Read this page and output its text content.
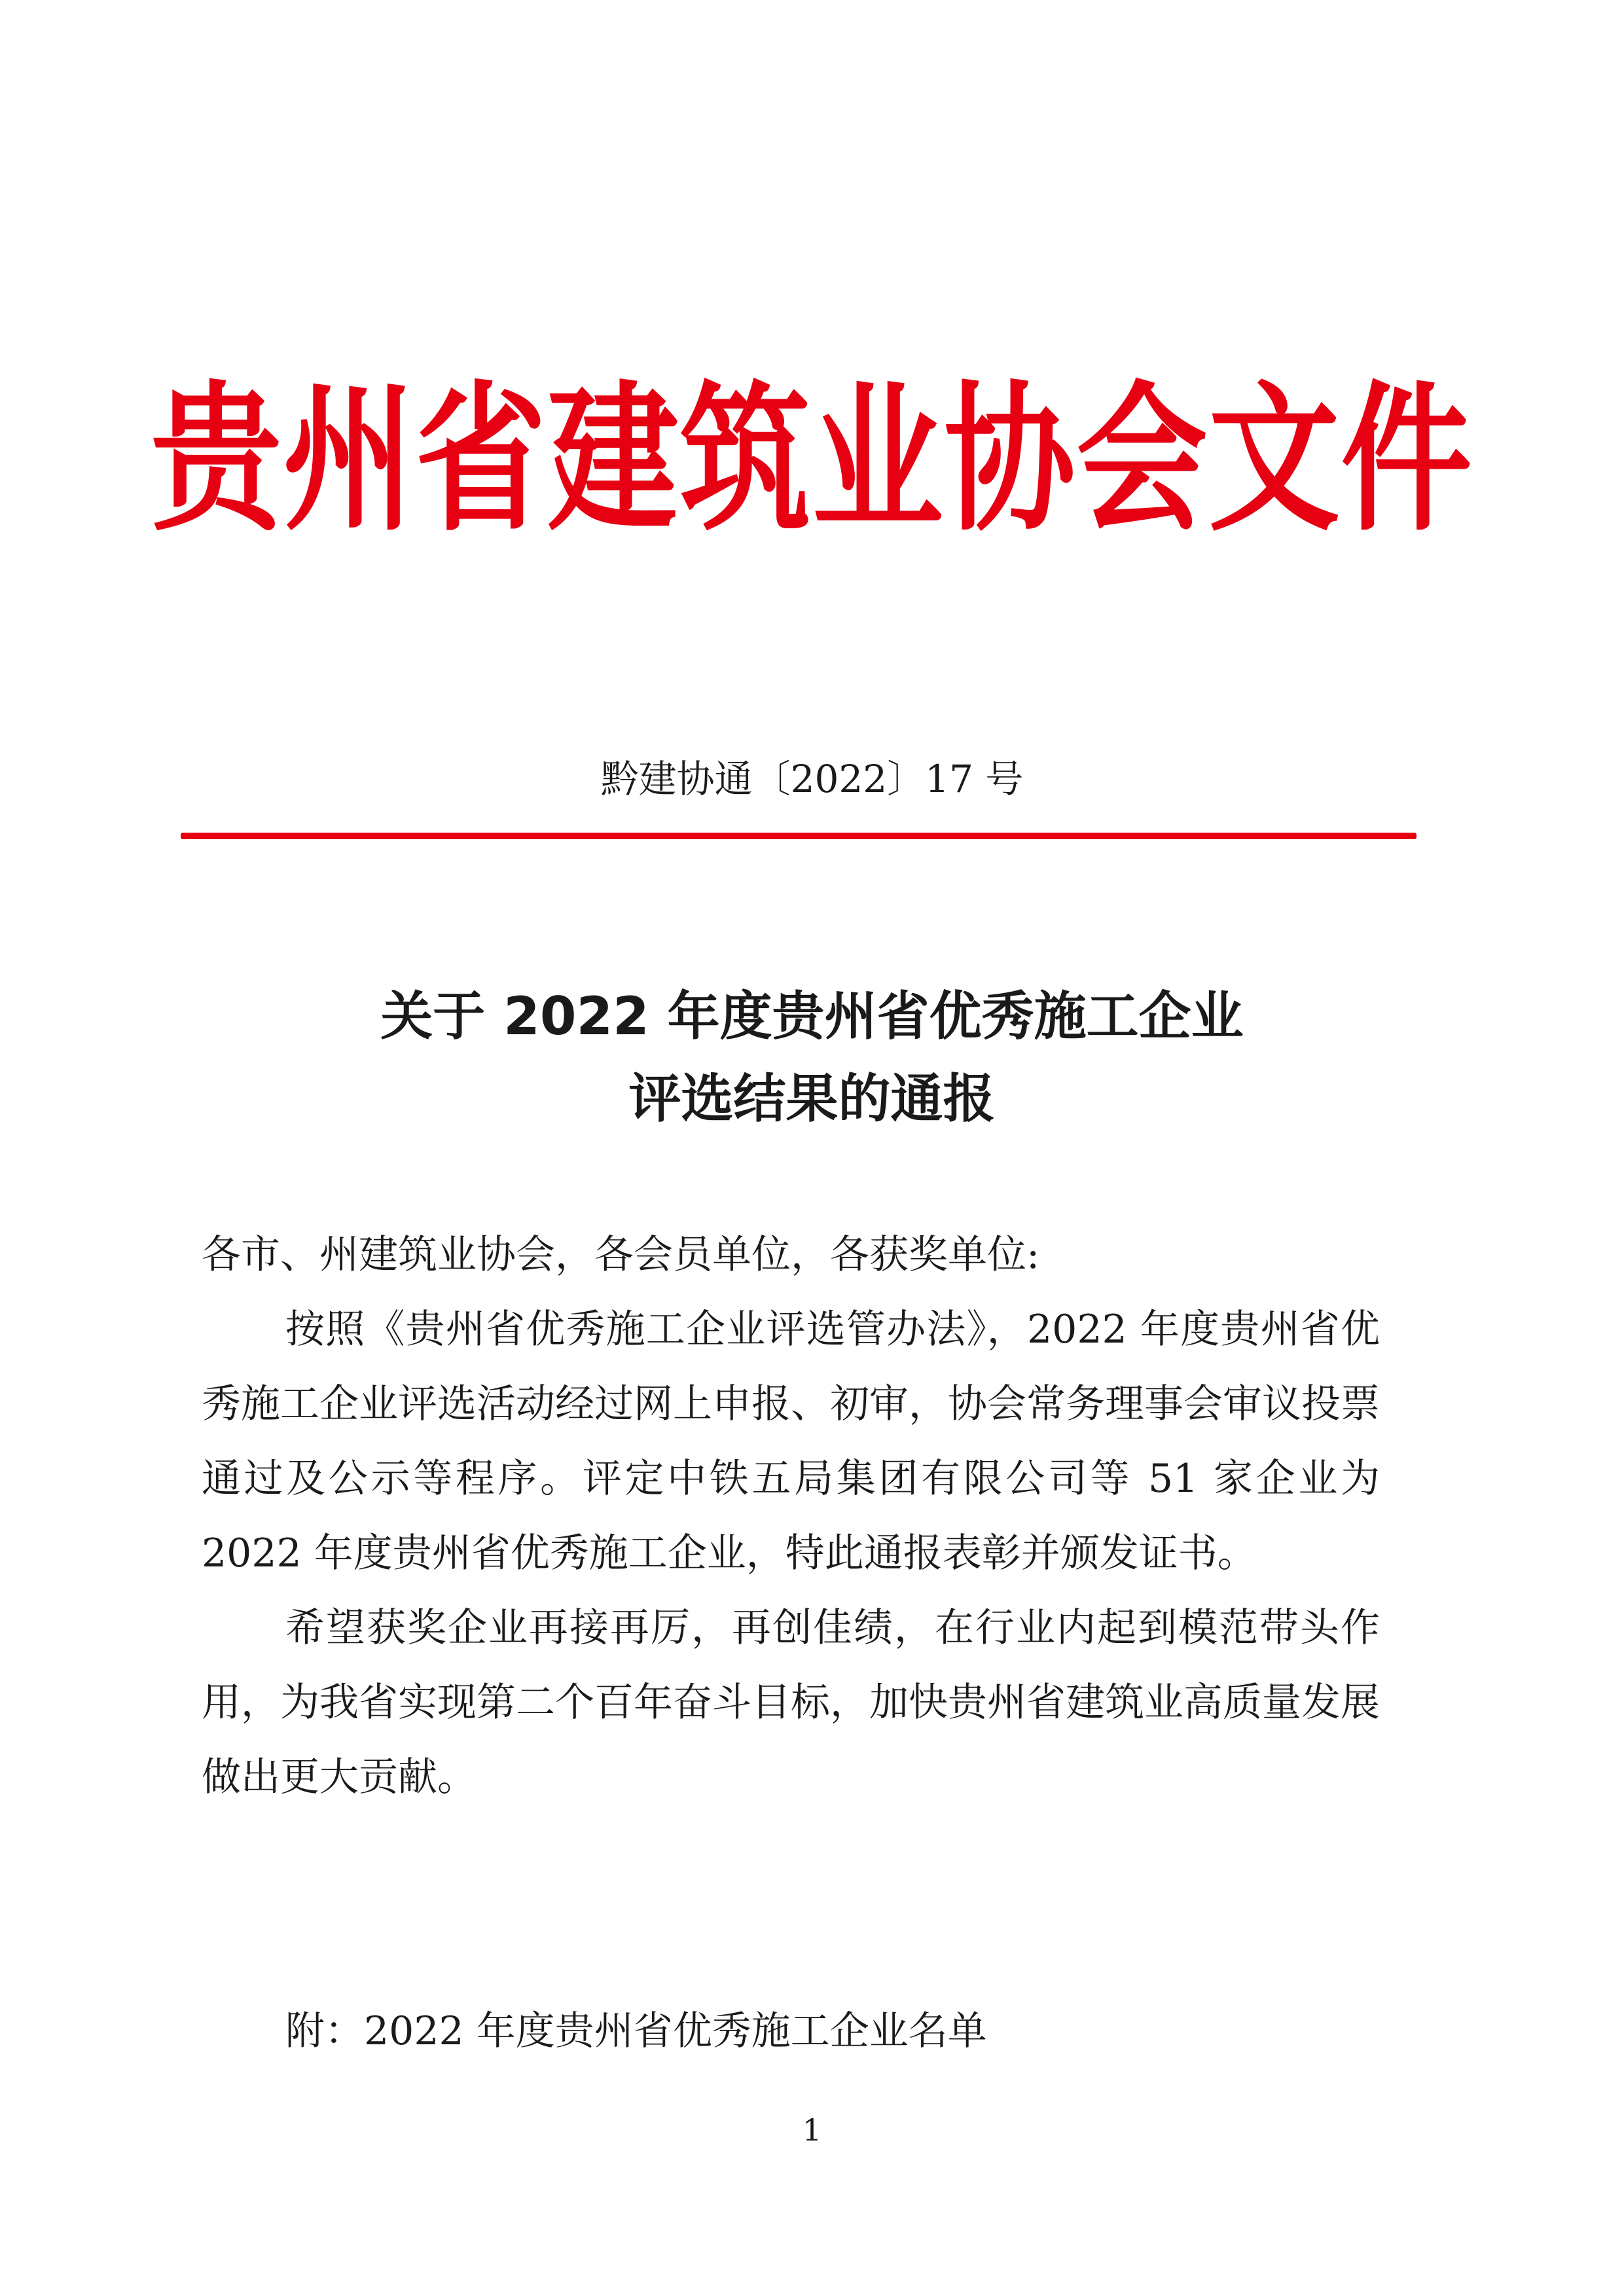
贵州省建筑业协会文件
黔建协通〔2022〕17 号
关于 2022 年度贵州省优秀施工企业
评选结果的通报

各市、州建筑业协会，各会员单位，各获奖单位:

按照《贵州省优秀施工企业评选管办法》，2022 年度贵州省优秀施工企业评选活动经过网上申报、初审，协会常务理事会审议投票通过及公示等程序。评定中铁五局集团有限公司等 51 家企业为 2022 年度贵州省优秀施工企业，特此通报表彰并颁发证书。

希望获奖企业再接再厉，再创佳绩，在行业内起到模范带头作用，为我省实现第二个百年奋斗目标，加快贵州省建筑业高质量发展做出更大贡献。

附：2022 年度贵州省优秀施工企业名单
1
